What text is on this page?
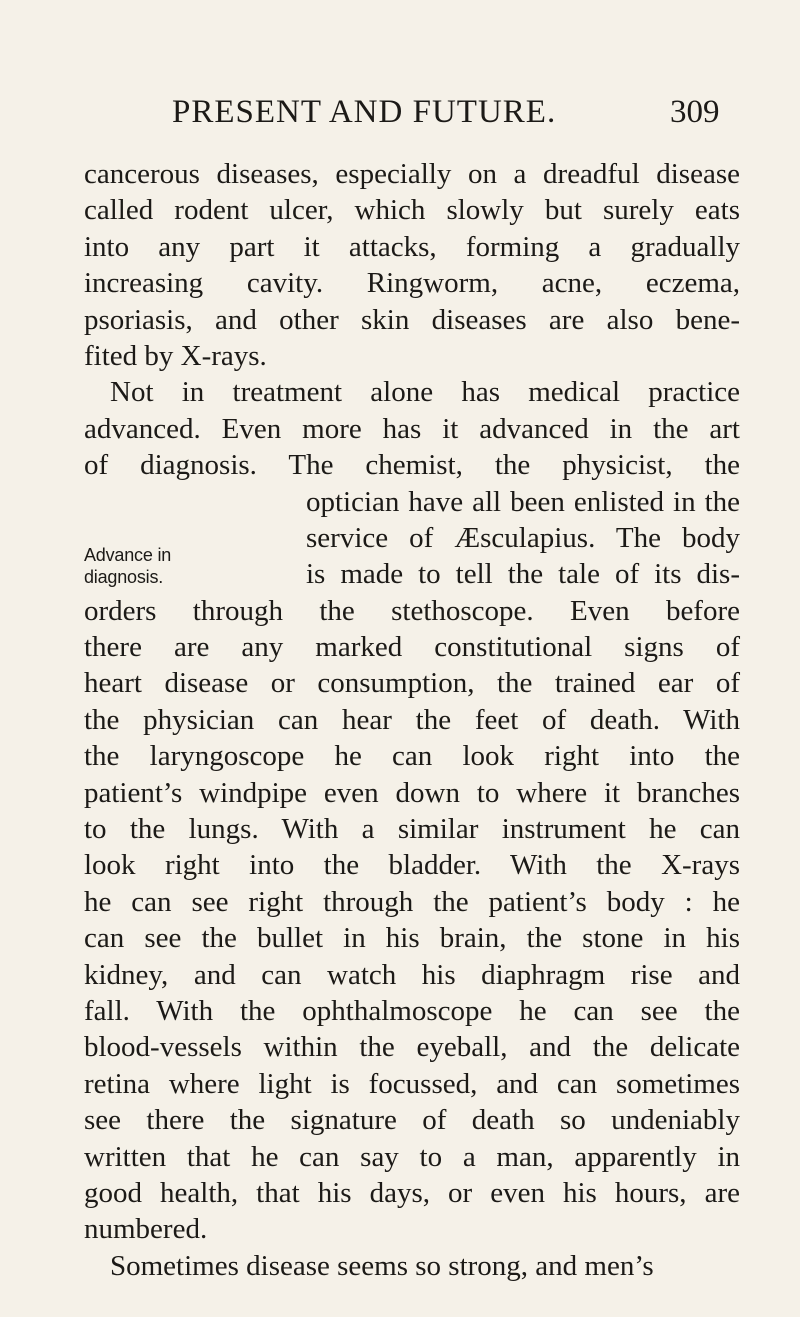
PRESENT AND FUTURE.	309
Advance in
diagnosis.
cancerous diseases, especially on a dreadful disease
called rodent ulcer, which slowly but surely eats
into any part it attacks, forming a gradually
increasing cavity. Ringworm, acne, eczema,
psoriasis, and other skin diseases are also bene-
fited by X-rays.
Not in treatment alone has medical practice
advanced. Even more has it advanced in the art
of diagnosis. The chemist, the physicist, the
optician have all been enlisted in the
service of Æsculapius. The body
is made to tell the tale of its dis-
orders through the stethoscope. Even before
there are any marked constitutional signs of
heart disease or consumption, the trained ear of
the physician can hear the feet of death. With
the laryngoscope he can look right into the
patient’s windpipe even down to where it branches
to the lungs. With a similar instrument he can
look right into the bladder. With the X-rays
he can see right through the patient’s body : he
can see the bullet in his brain, the stone in his
kidney, and can watch his diaphragm rise and
fall. With the ophthalmoscope he can see the
blood-vessels within the eyeball, and the delicate
retina where light is focussed, and can sometimes
see there the signature of death so undeniably
written that he can say to a man, apparently in
good health, that his days, or even his hours, are
numbered.
Sometimes disease seems so strong, and men’s
